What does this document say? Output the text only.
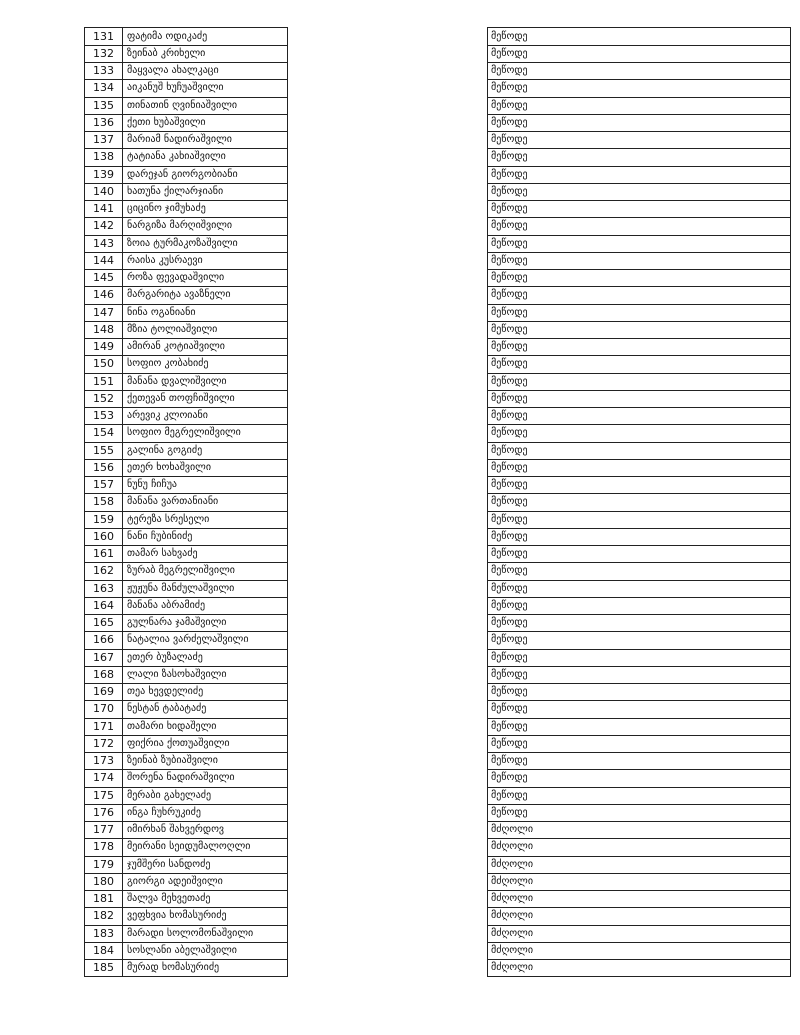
131	ფატიმა ოდიკაძე	მეწოდე
132	ზეინაბ კრიხელი	მეწოდე
133	მაყვალა ახალკაცი	მეწოდე
134	აიკანუშ ხუჩუაშვილი	მეწოდე
135	თინათინ ღვინიაშვილი	მეწოდე
136	ქეთი ხუბაშვილი	მეწოდე
137	მარიამ ნადირაშვილი	მეწოდე
138	ტატიანა კახიაშვილი	მეწოდე
139	დარეჯან გიორგობიანი	მეწოდე
140	ხათუნა ქილარჯიანი	მეწოდე
141	ციცინო ჯიმუხაძე	მეწოდე
142	ნარგიზა მარღიშვილი	მეწოდე
143	ზოია ტურმაკოზაშვილი	მეწოდე
144	რაისა კუსრაევი	მეწოდე
145	როზა ფევადაშვილი	მეწოდე
146	მარგარიტა ავაზნელი	მეწოდე
147	ნინა ოგანიანი	მეწოდე
148	მზია ტოლიაშვილი	მეწოდე
149	ამირან კოტიაშვილი	მეწოდე
150	სოფიო კობახიძე	მეწოდე
151	მანანა დვალიშვილი	მეწოდე
152	ქეთევან თოფჩიშვილი	მეწოდე
153	არევიკ კლოიანი	მეწოდე
154	სოფიო მეგრელიშვილი	მეწოდე
155	გალინა გოგიძე	მეწოდე
156	ეთერ ხოხაშვილი	მეწოდე
157	ნუნუ ჩიჩუა	მეწოდე
158	მანანა ვართანიანი	მეწოდე
159	ტერეზა სრესელი	მეწოდე
160	ნანი ჩუბინიძე	მეწოდე
161	თამარ სახვაძე	მეწოდე
162	ზურაბ მეგრელიშვილი	მეწოდე
163	ჟუჟუნა მანძულაშვილი	მეწოდე
164	მანანა აბრამიძე	მეწოდე
165	გულნარა ჯამაშვილი	მეწოდე
166	ნატალია ვარძელაშვილი	მეწოდე
167	ეთერ ბუზალაძე	მეწოდე
168	ლალი ზასოხაშვილი	მეწოდე
169	თეა ხევდელიძე	მეწოდე
170	ნესტან ტაბატაძე	მეწოდე
171	თამარი ხიდაშელი	მეწოდე
172	ფიქრია ქოთუაშვილი	მეწოდე
173	ზეინაბ ზუბიაშვილი	მეწოდე
174	შორენა ნადირაშვილი	მეწოდე
175	მერაბი გახელაძე	მეწოდე
176	ინგა ჩუხრუკიძე	მეწოდე
177	იმირხან შახვერდოვ	მძღოლი
178	მეირანი სეიდუმალოღლი	მძღოლი
179	ჯუმშერი სანდოძე	მძღოლი
180	გიორგი ადეიშვილი	მძღოლი
181	შალვა მეხვეთაძე	მძღოლი
182	ვეფხვია ხომასურიძე	მძღოლი
183	მარადი სოლომონაშვილი	მძღოლი
184	სოსლანი აბელაშვილი	მძღოლი
185	მურად ხომასურიძე	მძღოლი
